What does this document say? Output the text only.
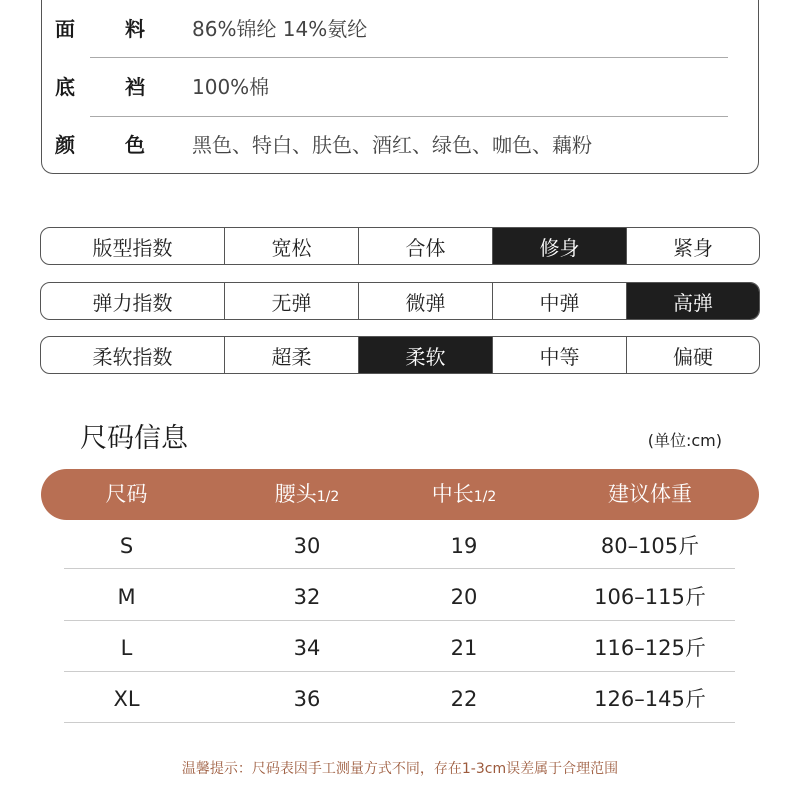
面	料 86%锦纶 14%氨纶
底	裆 100%棉
颜	色 黑色、特白、肤色、酒红、绿色、咖色、藕粉
版型指数	宽松	合体	修身	紧身
弹力指数	无弹	微弹	中弹	高弹
柔软指数	超柔	柔软	中等	偏硬
尺码信息	(单位:cm)
尺码	腰头1/2	中长1/2	建议体重
S	30	19	80–105斤
M	32	20	106–115斤
L	34	21	116–125斤
XL	36	22	126–145斤
温馨提示：尺码表因手工测量方式不同，存在1-3cm误差属于合理范围
